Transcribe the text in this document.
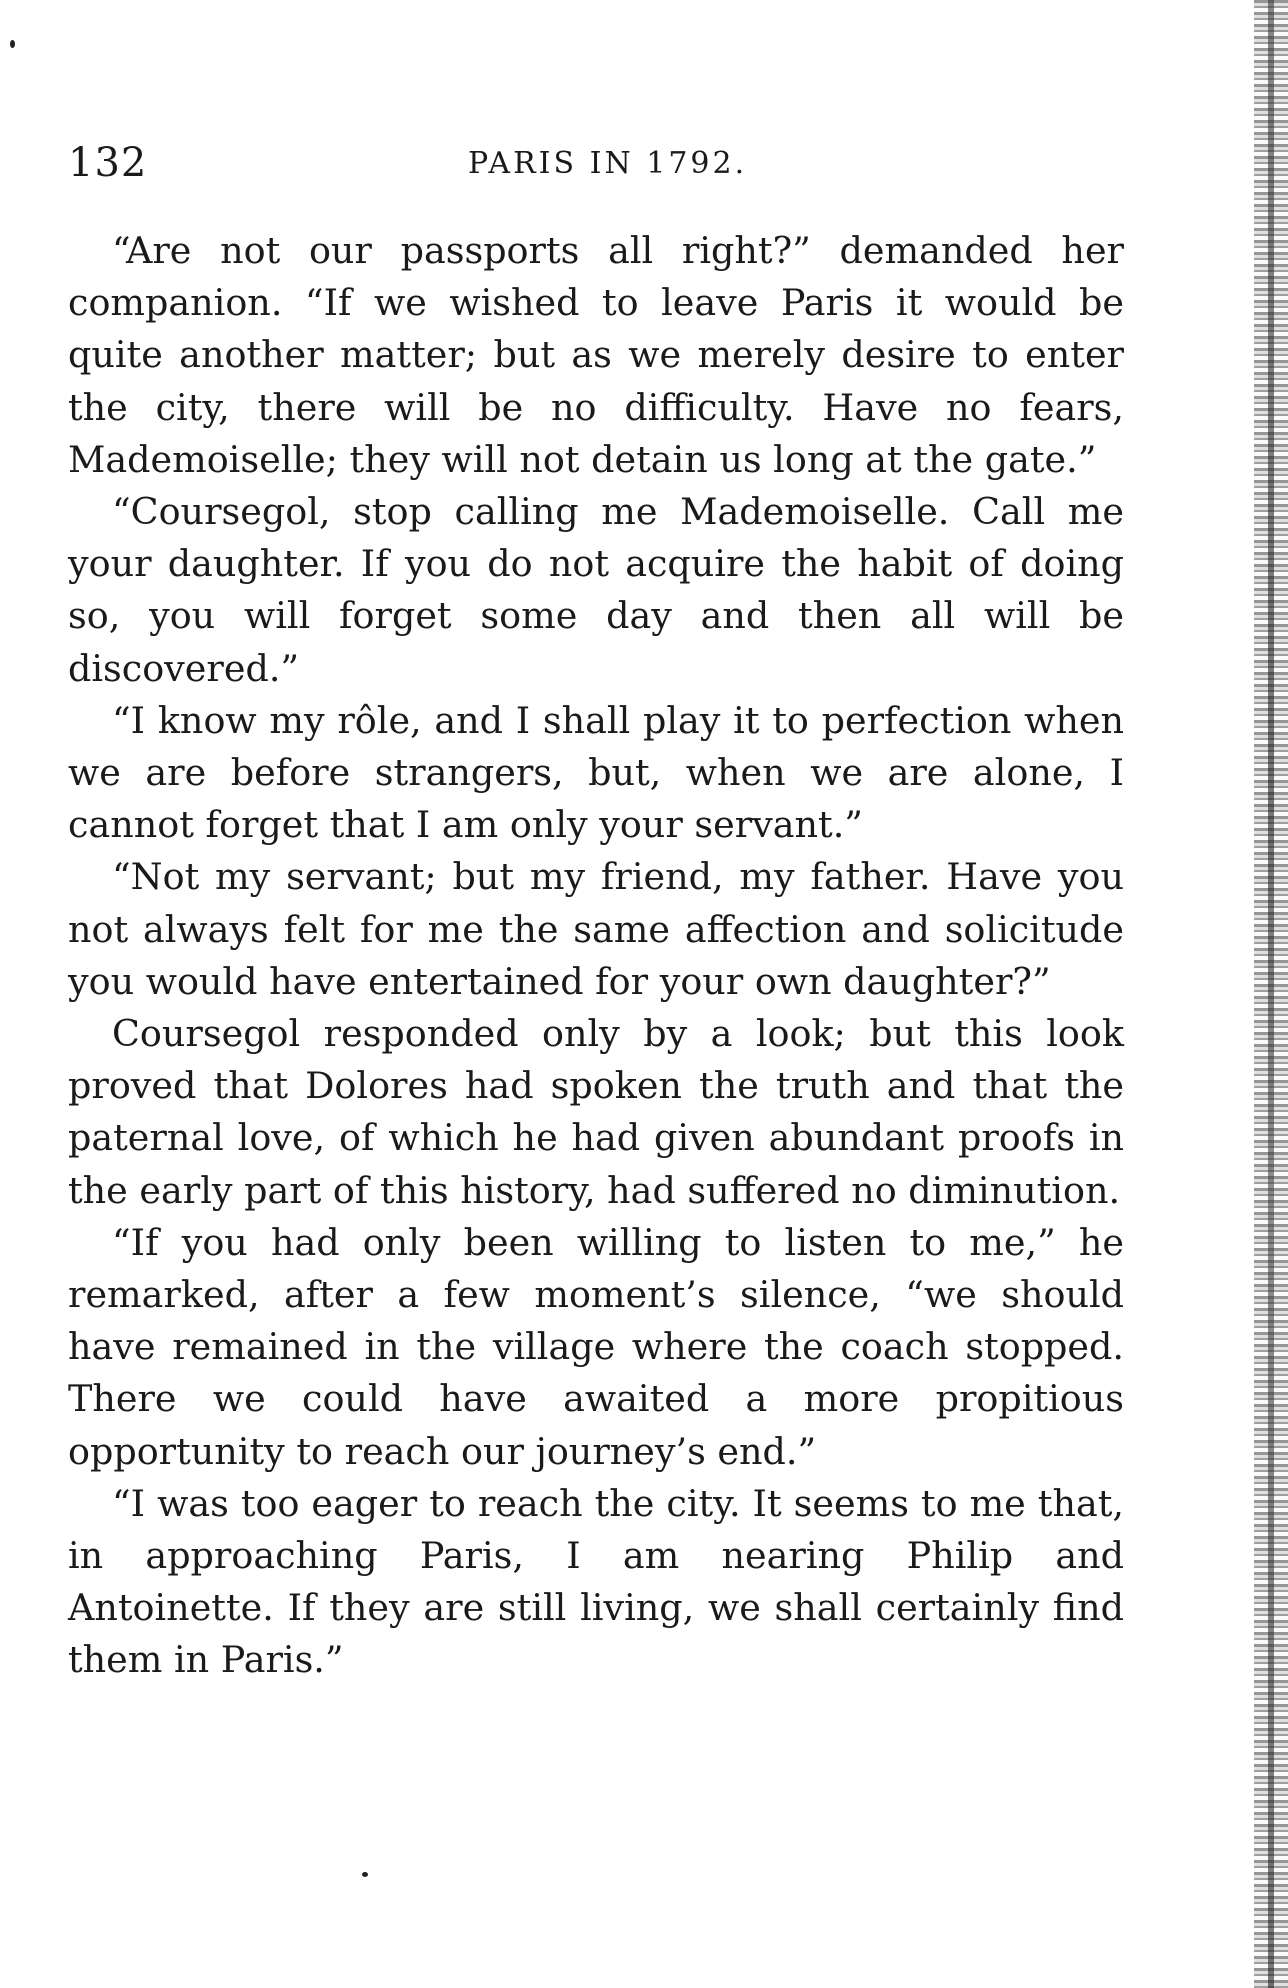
132	PARIS IN 1792.

“Are not our passports all right?” demanded her companion. “If we wished to leave Paris it would be quite another matter; but as we merely desire to enter the city, there will be no difficulty. Have no fears, Mademoiselle; they will not detain us long at the gate.”

“Coursegol, stop calling me Mademoiselle. Call me your daughter. If you do not acquire the habit of doing so, you will forget some day and then all will be discovered.”

“I know my rôle, and I shall play it to perfection when we are before strangers, but, when we are alone, I cannot forget that I am only your servant.”

“Not my servant; but my friend, my father. Have you not always felt for me the same affection and solicitude you would have entertained for your own daughter?”

Coursegol responded only by a look; but this look proved that Dolores had spoken the truth and that the paternal love, of which he had given abundant proofs in the early part of this history, had suffered no diminution.

“If you had only been willing to listen to me,” he remarked, after a few moment’s silence, “we should have remained in the village where the coach stopped. There we could have awaited a more propitious opportunity to reach our journey’s end.”

“I was too eager to reach the city. It seems to me that, in approaching Paris, I am nearing Philip and Antoinette. If they are still living, we shall certainly find them in Paris.”
